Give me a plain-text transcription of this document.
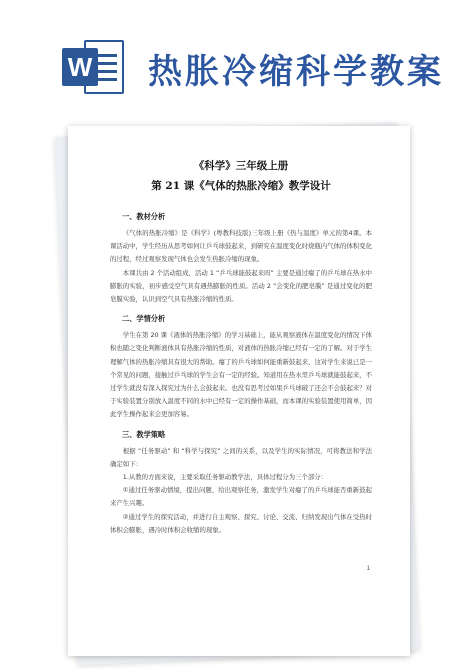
W 热胀冷缩科学教案

《科学》三年级上册

第 21 课《气体的热胀冷缩》教学设计

一、教材分析

《气体的热胀冷缩》是《科学》(粤教科技版)三年级上册《热与温度》单元的第4课。本课活动中，学生经历从思考如何让乒乓球鼓起来，到研究在温度变化时烧瓶内气体的体积变化的过程，经过观察发现气体也会发生热胀冷缩的现象。

本课共由 2 个活动组成，活动 1 “乒乓球能鼓起来吗” 主要是通过瘪了的乒乓球在热水中膨胀的实验，初步感受空气具有遇热膨胀的性质。活动 2 “会变化的肥皂膜” 是通过变化的肥皂膜实验，认识到空气具有热胀冷缩的性质。

二、学情分析

学生在第 20 课《液体的热胀冷缩》的学习基础上，能从观察液体在温度变化的情况下体积也随之变化判断液体具有热胀冷缩的性质，对液体的热胀冷缩已经有一定的了解。对于学生理解气体的热胀冷缩具有很大的帮助。瘪了的乒乓球如何能重新鼓起来，这对学生来说已是一个常见的问题，接触过乒乓球的学生会有一定的经验。知道用在热水里乒乓球就能鼓起来，不过学生就没有深入探究过为什么会鼓起来。也没有思考过如果乒乓球破了还会不会鼓起来？对于实验装置分别放入温度不同的水中已经有一定的操作基础，而本课的实验装置使用简单，因此学生操作起来会更加容易。

三、教学策略

根据 “任务驱动” 和 “科学与探究” 之间的关系，以及学生的实际情况，可将教法和学法确定如下：

1.从教的方面来说，主要采取任务驱动教学法，具体过程分为三个部分：

①通过任务驱动情境，提出问题，给出观察任务，激发学生对瘪了的乒乓球能否重新鼓起来产生兴趣。

②通过学生的探究活动，并进行自主观察、探究、讨论、交流、归纳发现出气体在受热时体积会膨胀，遇冷时体积会收缩的现象。

1
